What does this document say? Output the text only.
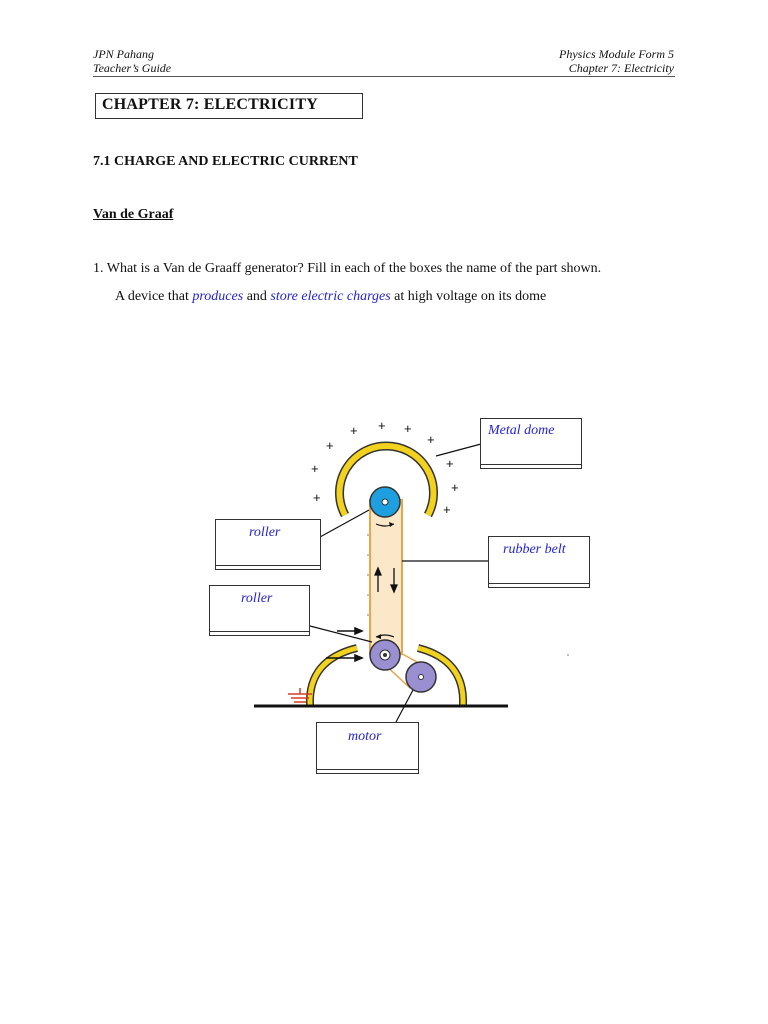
JPN Pahang
Teacher’s Guide
Physics Module Form 5
Chapter 7: Electricity
CHAPTER 7: ELECTRICITY
7.1 CHARGE AND ELECTRIC CURRENT
Van de Graaf
1. What is a Van de Graaff generator? Fill in each of the boxes the name of the part shown.
A device that produces and store electric charges at high voltage on its dome
+ + +
+
+
+
+
+
+
+
Metal dome
roller
rubber belt
roller
motor
